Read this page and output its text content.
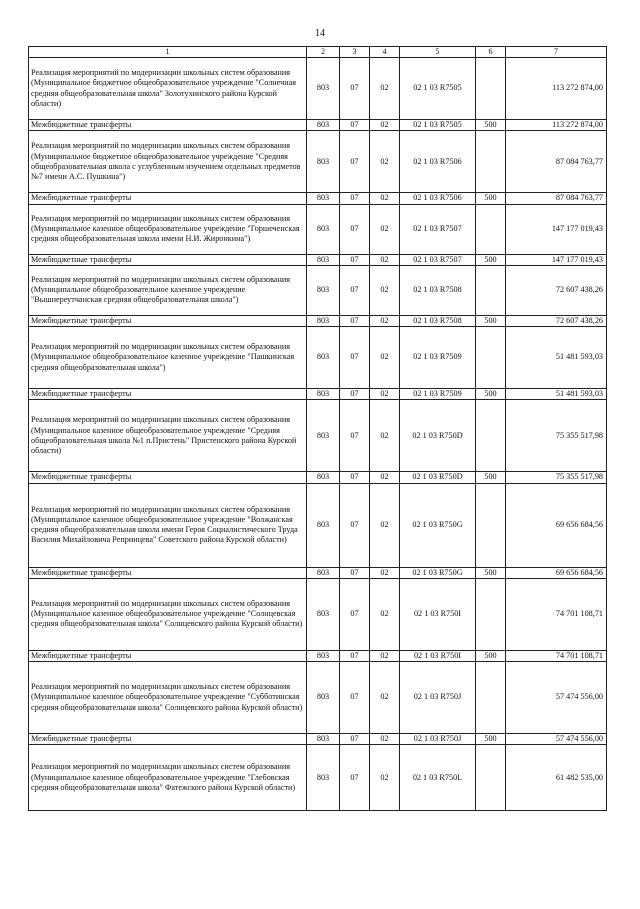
14
1	2	3	4	5	6	7
Реализация мероприятий по модернизации школьных систем образования (Муниципальное бюджетное общеобразовательное учреждение "Солнечная средняя общеобразовательная школа" Золотухинского района Курской области)	803	07	02	02 1 03 R7505		113 272 874,00
Межбюджетные трансферты	803	07	02	02 1 03 R7505	500	113 272 874,00
Реализация мероприятий по модернизации школьных систем образования (Муниципальное бюджетное общеобразовательное учреждение "Средняя общеобразовательная школа с углубленным изучением отдельных предметов №7 имени А.С. Пушкина")	803	07	02	02 1 03 R7506		87 084 763,77
Межбюджетные трансферты	803	07	02	02 1 03 R7506	500	87 084 763,77
Реализация мероприятий по модернизации школьных систем образования (Муниципальное казенное общеобразовательное учреждение "Горшеченская средняя общеобразовательная школа имени Н.И. Жиронкина")	803	07	02	02 1 03 R7507		147 177 019,43
Межбюджетные трансферты	803	07	02	02 1 03 R7507	500	147 177 019,43
Реализация мероприятий по модернизации школьных систем образования (Муниципальное общеобразовательное казенное учреждение "Вышнереутчанская средняя общеобразовательная школа")	803	07	02	02 1 03 R7508		72 607 438,26
Межбюджетные трансферты	803	07	02	02 1 03 R7508	500	72 607 438,26
Реализация мероприятий по модернизации школьных систем образования (Муниципальное общеобразовательное казенное учреждение "Пашкинская средняя общеобразовательная школа")	803	07	02	02 1 03 R7509		51 481 593,03
Межбюджетные трансферты	803	07	02	02 1 03 R7509	500	51 481 593,03
Реализация мероприятий по модернизации школьных систем образования (Муниципальное казенное общеобразовательное учреждение "Средняя общеобразовательная школа №1 п.Пристень" Пристенского района Курской области)	803	07	02	02 1 03 R750D		75 355 517,98
Межбюджетные трансферты	803	07	02	02 1 03 R750D	500	75 355 517,98
Реализация мероприятий по модернизации школьных систем образования (Муниципальное казенное общеобразовательное учреждение "Волжанская средняя общеобразовательная школа имени Героя Социалистического Труда Василия Михайловича Репринцева" Советского района Курской области)	803	07	02	02 1 03 R750G		69 656 684,56
Межбюджетные трансферты	803	07	02	02 1 03 R750G	500	69 656 684,56
Реализация мероприятий по модернизации школьных систем образования (Муниципальное казенное общеобразовательное учреждение "Солнцевская средняя общеобразовательная школа" Солнцевского района Курской области)	803	07	02	02 1 03 R750I		74 701 108,71
Межбюджетные трансферты	803	07	02	02 1 03 R750I	500	74 701 108,71
Реализация мероприятий по модернизации школьных систем образования (Муниципальное казенное общеобразовательное учреждение "Субботинская средняя общеобразовательная школа" Солнцевского района Курской области)	803	07	02	02 1 03 R750J		57 474 556,00
Межбюджетные трансферты	803	07	02	02 1 03 R750J	500	57 474 556,00
Реализация мероприятий по модернизации школьных систем образования (Муниципальное казенное общеобразовательное учреждение "Глебовская средняя общеобразовательная школа" Фатежского района Курской области)	803	07	02	02 1 03 R750L		61 482 535,00
